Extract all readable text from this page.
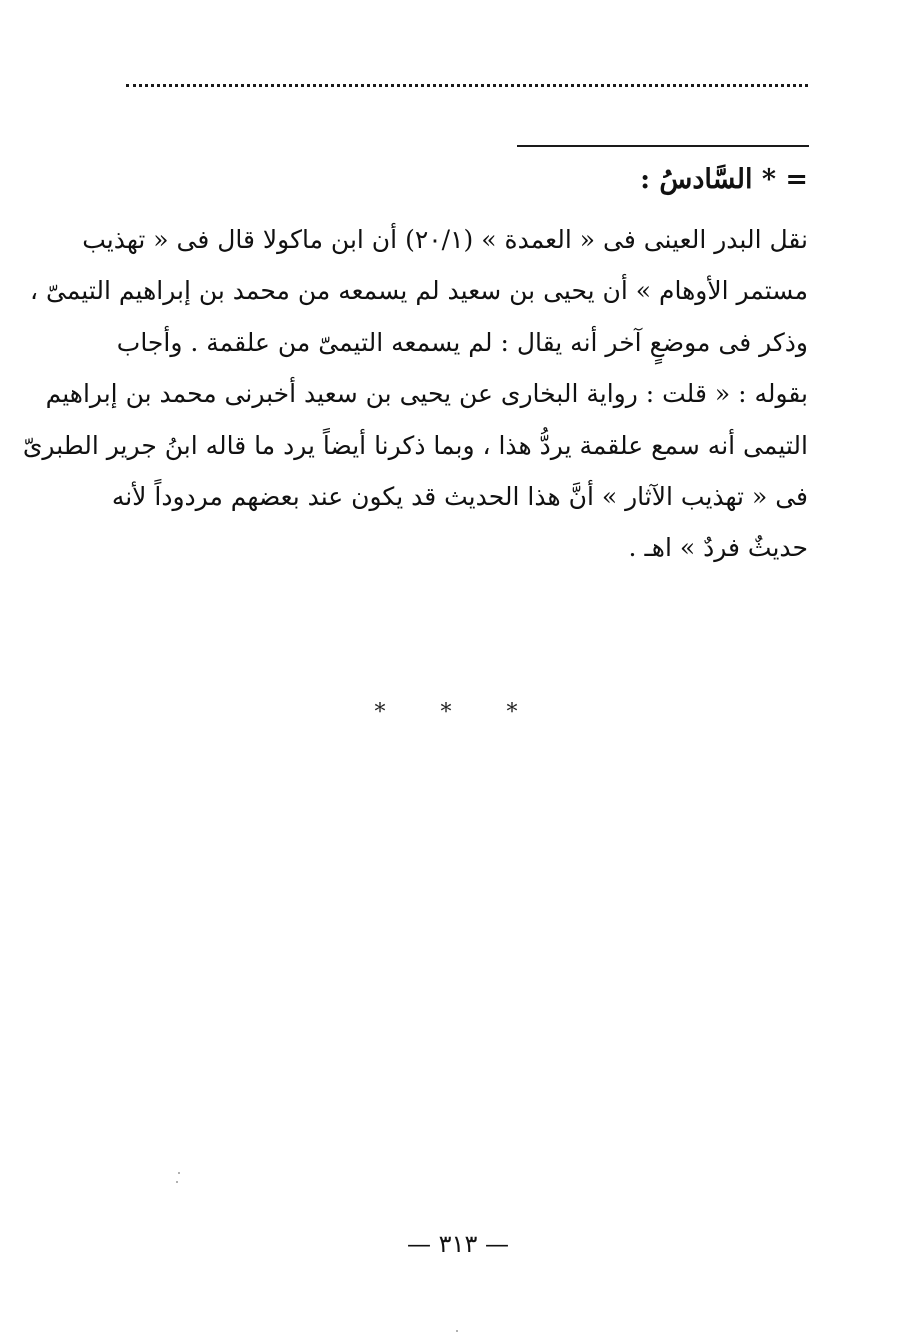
= * السَّادسُ :
نقل البدر العينى فى « العمدة » (٢٠/١) أن ابن ماكولا قال فى « تهذيب
مستمر الأوهام » أن يحيى بن سعيد لم يسمعه من محمد بن إبراهيم التيمىّ ،
وذكر فى موضعٍ آخر أنه يقال : لم يسمعه التيمىّ من علقمة . وأجاب
بقوله : « قلت : رواية البخارى عن يحيى بن سعيد أخبرنى محمد بن إبراهيم
التيمى أنه سمع علقمة يردُّ هذا ، وبما ذكرنا أيضاً يرد ما قاله ابنُ جرير الطبرىّ
فى « تهذيب الآثار » أنَّ هذا الحديث قد يكون عند بعضهم مردوداً لأنه
حديثٌ فردٌ » اهـ .
* * *
— ٣١٣ —
